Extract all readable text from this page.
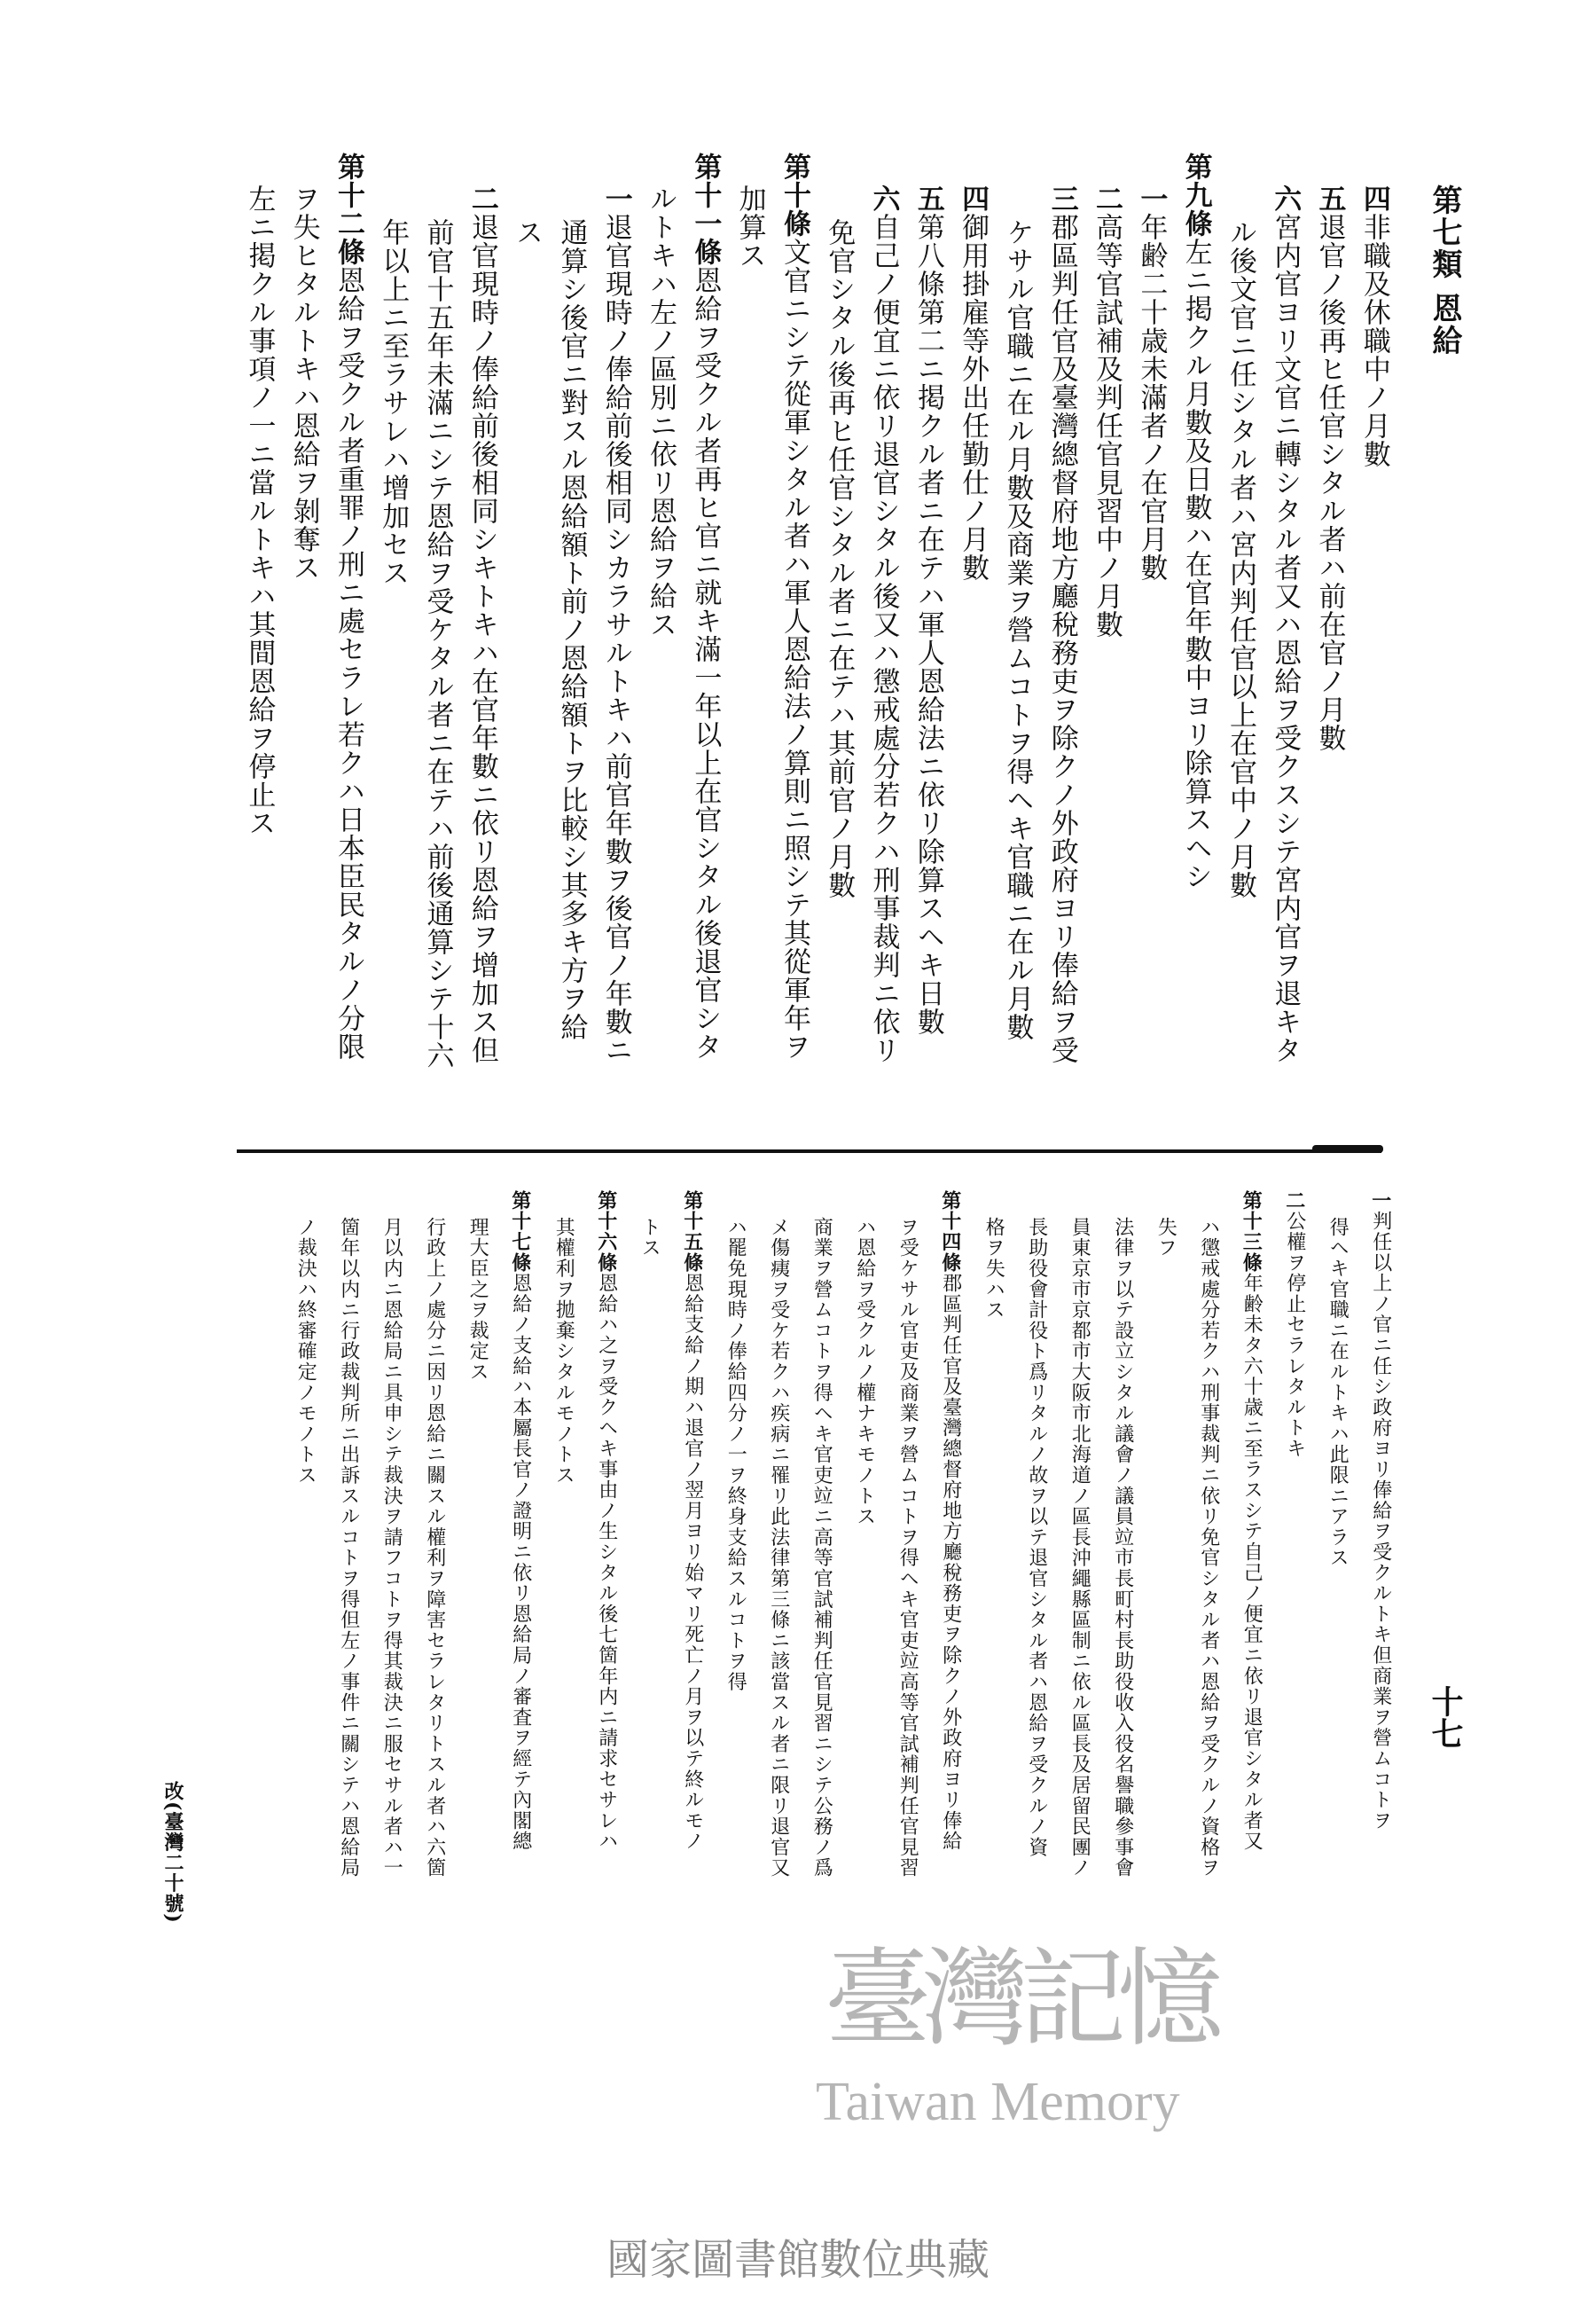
第七類 恩給
四非職及休職中ノ月數
五退官ノ後再ヒ任官シタル者ハ前在官ノ月數
六宮内官ヨリ文官ニ轉シタル者又ハ恩給ヲ受クスシテ宮内官ヲ退キタ
ル後文官ニ任シタル者ハ宮内判任官以上在官中ノ月數
第九條左ニ掲クル月數及日數ハ在官年數中ヨリ除算スヘシ
一年齢二十歳未滿者ノ在官月數
二高等官試補及判任官見習中ノ月數
三郡區判任官及臺灣總督府地方廳稅務吏ヲ除クノ外政府ヨリ俸給ヲ受
ケサル官職ニ在ル月數及商業ヲ營ムコトヲ得ヘキ官職ニ在ル月數
四御用掛雇等外出任勤仕ノ月數
五第八條第二ニ掲クル者ニ在テハ軍人恩給法ニ依リ除算スヘキ日數
六自己ノ便宜ニ依リ退官シタル後又ハ懲戒處分若クハ刑事裁判ニ依リ
免官シタル後再ヒ任官シタル者ニ在テハ其前官ノ月數
第十條文官ニシテ從軍シタル者ハ軍人恩給法ノ算則ニ照シテ其從軍年ヲ
加算ス
第十一條恩給ヲ受クル者再ヒ官ニ就キ滿一年以上在官シタル後退官シタ
ルトキハ左ノ區別ニ依リ恩給ヲ給ス
一退官現時ノ俸給前後相同シカラサルトキハ前官年數ヲ後官ノ年數ニ
通算シ後官ニ對スル恩給額ト前ノ恩給額トヲ比較シ其多キ方ヲ給
ス
二退官現時ノ俸給前後相同シキトキハ在官年數ニ依リ恩給ヲ增加ス但
前官十五年未滿ニシテ恩給ヲ受ケタル者ニ在テハ前後通算シテ十六
年以上ニ至ラサレハ增加セス
第十二條恩給ヲ受クル者重罪ノ刑ニ處セラレ若クハ日本臣民タルノ分限
ヲ失ヒタルトキハ恩給ヲ剝奪ス
左ニ掲クル事項ノ一ニ當ルトキハ其間恩給ヲ停止ス
一判任以上ノ官ニ任シ政府ヨリ俸給ヲ受クルトキ但商業ヲ營ムコトヲ
得ヘキ官職ニ在ルトキハ此限ニアラス
二公權ヲ停止セラレタルトキ
第十三條年齢未タ六十歳ニ至ラスシテ自己ノ便宜ニ依リ退官シタル者又
ハ懲戒處分若クハ刑事裁判ニ依リ免官シタル者ハ恩給ヲ受クルノ資格ヲ
失フ
法律ヲ以テ設立シタル議會ノ議員竝市長町村長助役收入役名譽職參事會
員東京市京都市大阪市北海道ノ區長沖繩縣區制ニ依ル區長及居留民團ノ
長助役會計役ト爲リタルノ故ヲ以テ退官シタル者ハ恩給ヲ受クルノ資
格ヲ失ハス
第十四條郡區判任官及臺灣總督府地方廳稅務吏ヲ除クノ外政府ヨリ俸給
ヲ受ケサル官吏及商業ヲ營ムコトヲ得ヘキ官吏竝高等官試補判任官見習
ハ恩給ヲ受クルノ權ナキモノトス
商業ヲ營ムコトヲ得ヘキ官吏竝ニ高等官試補判任官見習ニシテ公務ノ爲
メ傷痍ヲ受ケ若クハ疾病ニ罹リ此法律第三條ニ該當スル者ニ限リ退官又
ハ罷免現時ノ俸給四分ノ一ヲ終身支給スルコトヲ得
第十五條恩給支給ノ期ハ退官ノ翌月ヨリ始マリ死亡ノ月ヲ以テ終ルモノ
トス
第十六條恩給ハ之ヲ受クヘキ事由ノ生シタル後七箇年内ニ請求セサレハ
其權利ヲ拋棄シタルモノトス
第十七條恩給ノ支給ハ本屬長官ノ證明ニ依リ恩給局ノ審査ヲ經テ內閣總
理大臣之ヲ裁定ス
行政上ノ處分ニ因リ恩給ニ關スル權利ヲ障害セラレタリトスル者ハ六箇
月以内ニ恩給局ニ具申シテ裁決ヲ請フコトヲ得其裁決ニ服セサル者ハ一
箇年以内ニ行政裁判所ニ出訴スルコトヲ得但左ノ事件ニ關シテハ恩給局
ノ裁決ハ終審確定ノモノトス
十七
改(臺灣二十號)
臺灣記憶
Taiwan Memory
國家圖書館數位典藏
